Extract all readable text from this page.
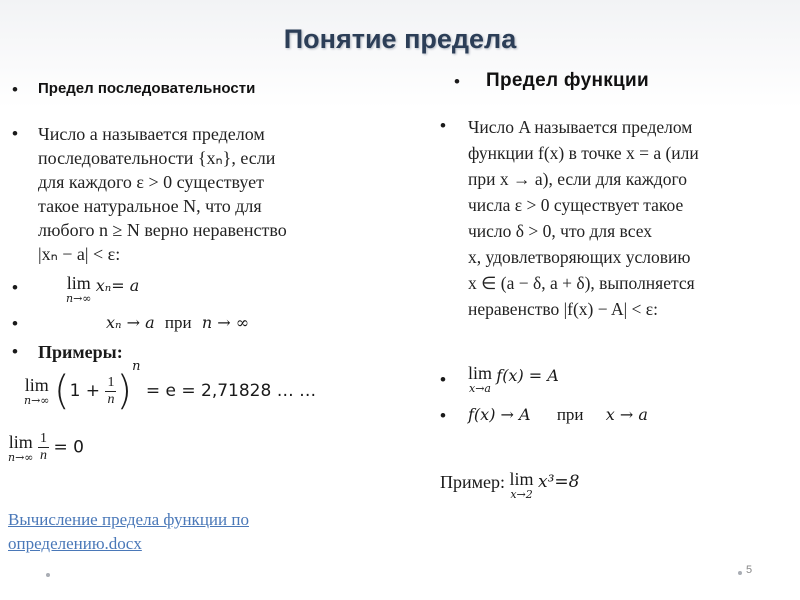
Понятие предела
• Предел последовательности
• Число a называется пределом
последовательности {xₙ}, если
для каждого ε > 0 существует
такое натуральное N, что для
любого n ≥ N верно неравенство
|xₙ − a| < ε:
•	lim
n→∞
xₙ= a
•	xₙ → a при n → ∞
• Примеры:
lim
n→∞ $(1 + \frac{1}{n} )^n = e = 2,71828$ … …
lim
n→∞
$\frac{1}{n} = 0$
Вычисление предела функции по определению.docx
• Предел функции
• Число A называется пределом
функции f(x) в точке x = a (или
при x → a), если для каждого
числа ε > 0 существует такое
число δ > 0, что для всех
x, удовлетворяющих условию
x ∈ (a − δ, a + δ), выполняется
неравенство |f(x) − A| < ε:
• lim
x→a
f(x) = A
• f(x) → A при x → a
Пример: lim
x→2
x³=8
5
